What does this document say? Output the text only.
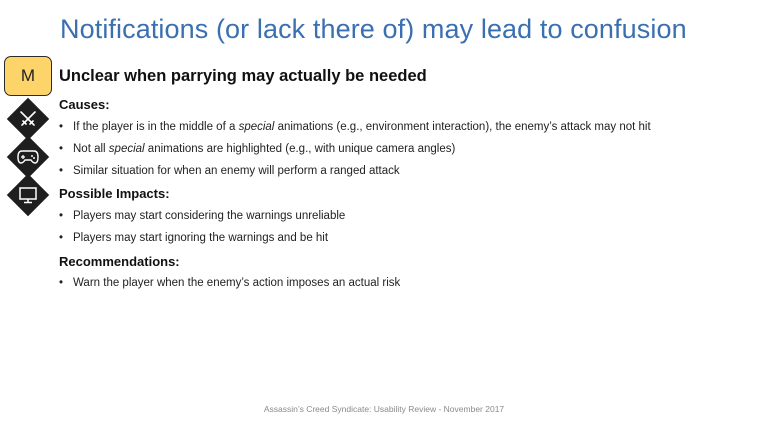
Notifications (or lack there of) may lead to confusion
M	Unclear when parrying may actually be needed
Causes:
• If the player is in the middle of a special animations (e.g., environment interaction), the enemy’s attack may not hit
• Not all special animations are highlighted (e.g., with unique camera angles)
• Similar situation for when an enemy will perform a ranged attack
Possible Impacts:
• Players may start considering the warnings unreliable
• Players may start ignoring the warnings and be hit
Recommendations:
• Warn the player when the enemy’s action imposes an actual risk
Assassin’s Creed Syndicate: Usability Review - November 2017
